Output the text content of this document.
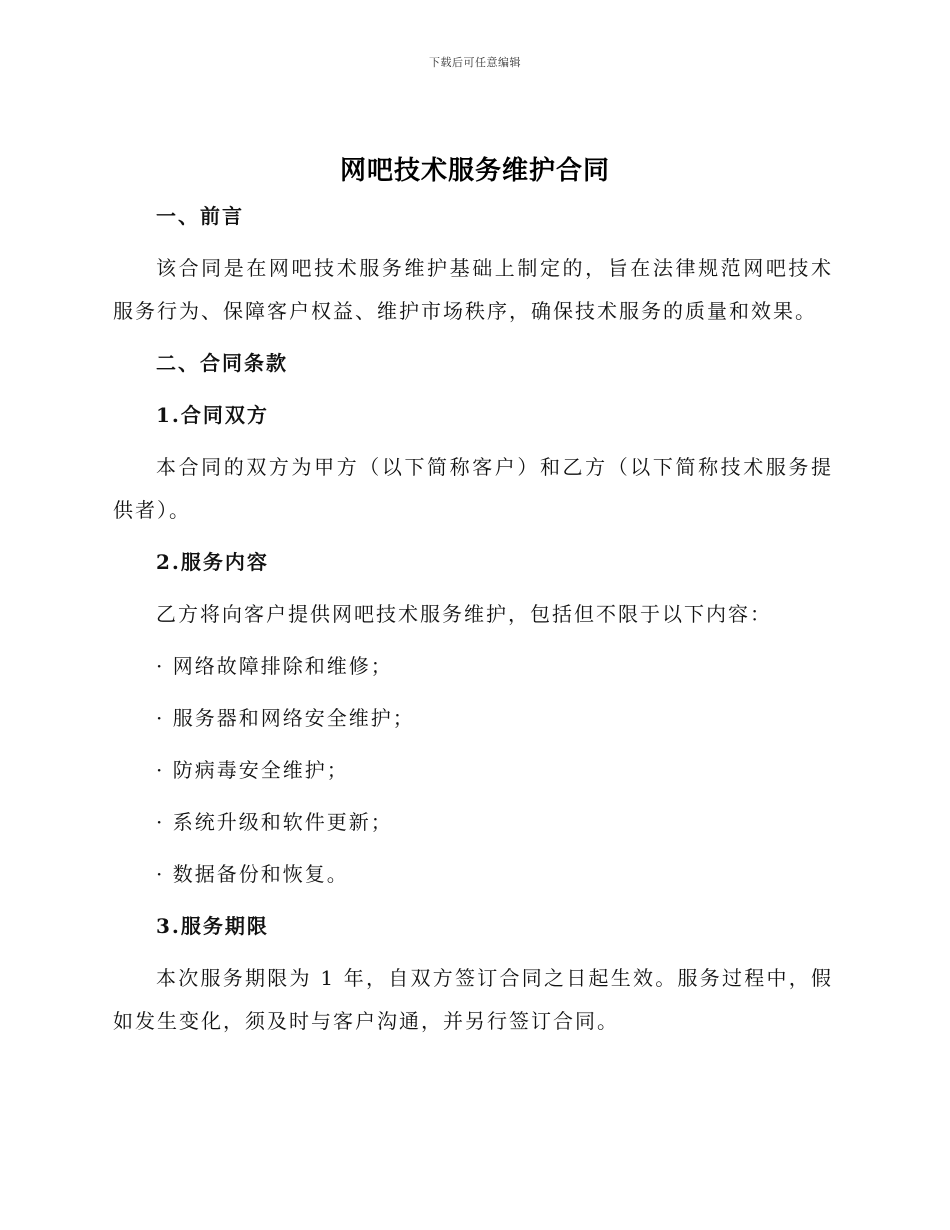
下载后可任意编辑
网吧技术服务维护合同
一、前言
该合同是在网吧技术服务维护基础上制定的，旨在法律规范网吧技术服务行为、保障客户权益、维护市场秩序，确保技术服务的质量和效果。
二、合同条款
1.合同双方
本合同的双方为甲方（以下简称客户）和乙方（以下简称技术服务提供者）。
2.服务内容
乙方将向客户提供网吧技术服务维护，包括但不限于以下内容：
· 网络故障排除和维修；
· 服务器和网络安全维护；
· 防病毒安全维护；
· 系统升级和软件更新；
· 数据备份和恢复。
3.服务期限
本次服务期限为 1 年，自双方签订合同之日起生效。服务过程中，假如发生变化，须及时与客户沟通，并另行签订合同。
